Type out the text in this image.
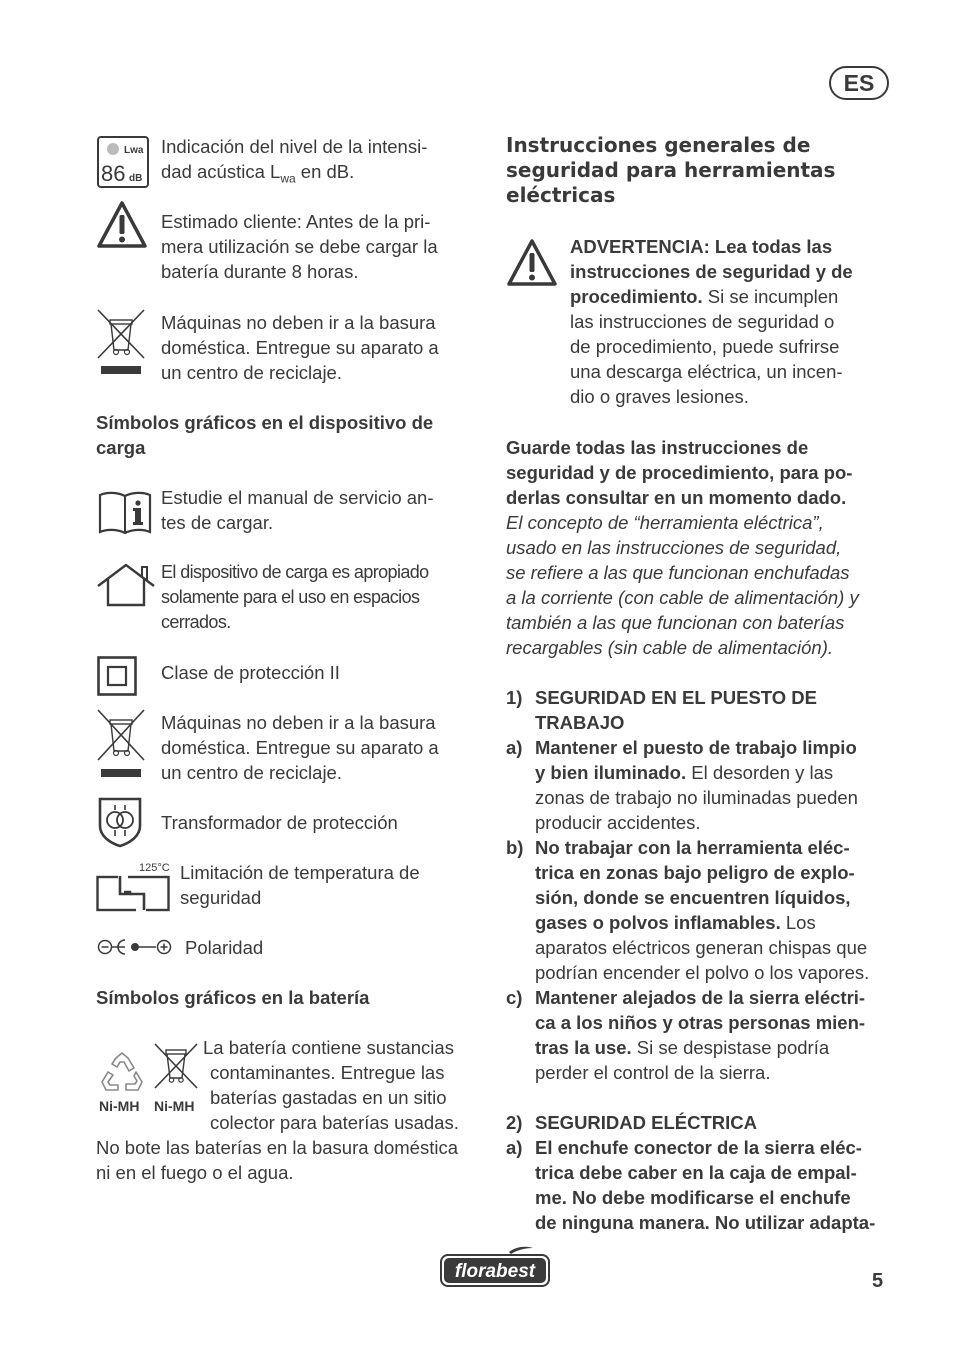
ES
Lwa
86 dB
Indicación del nivel de la intensi-
dad acústica $L_{wa}$ en dB.
Estimado cliente: Antes de la pri-
mera utilización se debe cargar la
batería durante 8 horas.
Máquinas no deben ir a la basura
doméstica. Entregue su aparato a
un centro de reciclaje.
Símbolos gráficos en el dispositivo de
carga
Estudie el manual de servicio an-
tes de cargar.
El dispositivo de carga es apropiado
solamente para el uso en espacios
cerrados.
Clase de protección II
Máquinas no deben ir a la basura
doméstica. Entregue su aparato a
un centro de reciclaje.
Transformador de protección
125°C Limitación de temperatura de
seguridad
Polaridad
Símbolos gráficos en la batería
Ni-MH Ni-MH
La batería contiene sustancias
contaminantes. Entregue las
baterías gastadas en un sitio
colector para baterías usadas.
No bote las baterías en la basura doméstica
ni en el fuego o el agua.
Instrucciones generales de
seguridad para herramientas
eléctricas
ADVERTENCIA: Lea todas las
instrucciones de seguridad y de
procedimiento. Si se incumplen
las instrucciones de seguridad o
de procedimiento, puede sufrirse
una descarga eléctrica, un incen-
dio o graves lesiones.
Guarde todas las instrucciones de
seguridad y de procedimiento, para po-
derlas consultar en un momento dado.
El concepto de “herramienta eléctrica”,
usado en las instrucciones de seguridad,
se refiere a las que funcionan enchufadas
a la corriente (con cable de alimentación) y
también a las que funcionan con baterías
recargables (sin cable de alimentación).
1) SEGURIDAD EN EL PUESTO DE
TRABAJO
a) Mantener el puesto de trabajo limpio
y bien iluminado. El desorden y las
zonas de trabajo no iluminadas pueden
producir accidentes.
b) No trabajar con la herramienta eléc-
trica en zonas bajo peligro de explo-
sión, donde se encuentren líquidos,
gases o polvos inflamables. Los
aparatos eléctricos generan chispas que
podrían encender el polvo o los vapores.
c) Mantener alejados de la sierra eléctri-
ca a los niños y otras personas mien-
tras la use. Si se despistase podría
perder el control de la sierra.
2) SEGURIDAD ELÉCTRICA
a) El enchufe conector de la sierra eléc-
trica debe caber en la caja de empal-
me. No debe modificarse el enchufe
de ninguna manera. No utilizar adapta-
florabest	5
